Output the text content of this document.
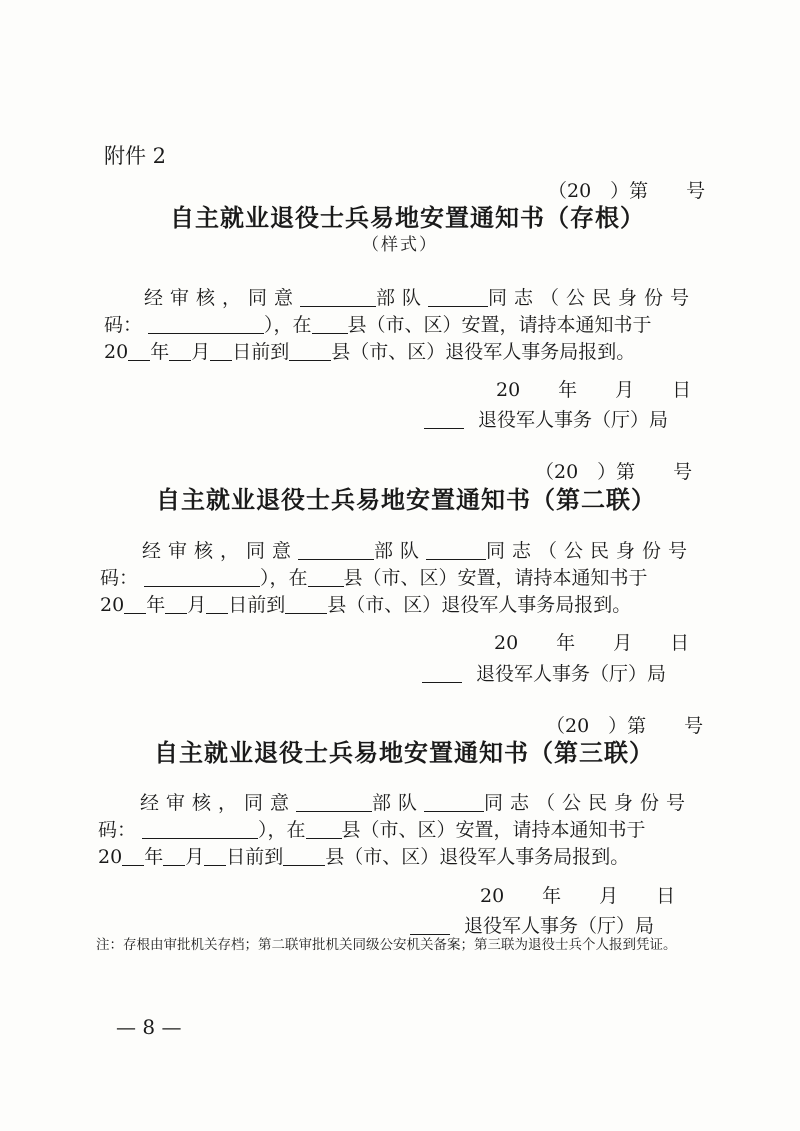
附件 2
（20　）第　　号
自主就业退役士兵易地安置通知书（存根）
（样式）
经审核，同意	部队	同志（公民身份号
码：	），在 县（市、区）安置，请持本通知书于
20 年 月 日前到 县（市、区）退役军人事务局报到。
20　　年　　月　　日
退役军人事务（厅）局
（20　）第　　号
自主就业退役士兵易地安置通知书（第二联）
经审核，同意	部队	同志（公民身份号
码：	），在 县（市、区）安置，请持本通知书于
20 年 月 日前到 县（市、区）退役军人事务局报到。
20　　年　　月　　日
退役军人事务（厅）局
（20　）第　　号
自主就业退役士兵易地安置通知书（第三联）
经审核，同意	部队	同志（公民身份号
码：	），在 县（市、区）安置，请持本通知书于
20 年 月 日前到 县（市、区）退役军人事务局报到。
20　　年　　月　　日
退役军人事务（厅）局
注：存根由审批机关存档；第二联审批机关同级公安机关备案；第三联为退役士兵个人报到凭证。
— 8 —
